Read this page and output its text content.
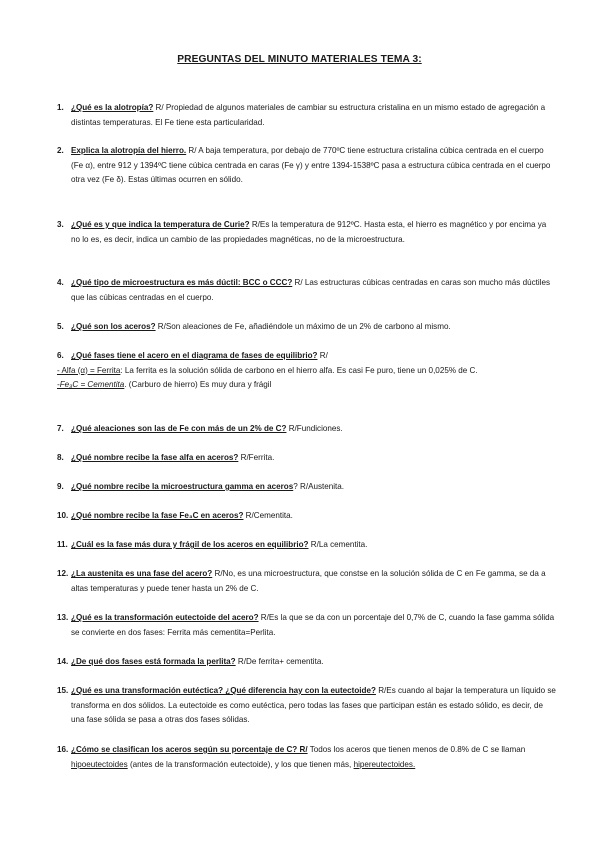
PREGUNTAS DEL MINUTO MATERIALES TEMA 3:
1. ¿Qué es la alotropía? R/ Propiedad de algunos materiales de cambiar su estructura cristalina en un mismo estado de agregación a distintas temperaturas. El Fe tiene esta particularidad.
2. Explica la alotropía del hierro. R/ A baja temperatura, por debajo de 770ºC tiene estructura cristalina cúbica centrada en el cuerpo (Fe α), entre 912 y 1394ºC tiene cúbica centrada en caras (Fe γ) y entre 1394-1538ºC pasa a estructura cúbica centrada en el cuerpo otra vez (Fe δ). Estas últimas ocurren en sólido.
3. ¿Qué es y que indica la temperatura de Curie? R/Es la temperatura de 912ºC. Hasta esta, el hierro es magnético y por encima ya no lo es, es decir, indica un cambio de las propiedades magnéticas, no de la microestructura.
4. ¿Qué tipo de microestructura es más dúctil: BCC o CCC? R/ Las estructuras cúbicas centradas en caras son mucho más dúctiles que las cúbicas centradas en el cuerpo.
5. ¿Qué son los aceros? R/Son aleaciones de Fe, añadiéndole un máximo de un 2% de carbono al mismo.
6. ¿Qué fases tiene el acero en el diagrama de fases de equilibrio? R/
- Alfa (α) = Ferrita: La ferrita es la solución sólida de carbono en el hierro alfa. Es casi Fe puro, tiene un 0,025% de C.
-Fe₃C = Cementita. (Carburo de hierro) Es muy dura y frágil
7. ¿Qué aleaciones son las de Fe con más de un 2% de C? R/Fundiciones.
8. ¿Qué nombre recibe la fase alfa en aceros? R/Ferrita.
9. ¿Qué nombre recibe la microestructura gamma en aceros? R/Austenita.
10. ¿Qué nombre recibe la fase Fe₃C en aceros? R/Cementita.
11. ¿Cuál es la fase más dura y frágil de los aceros en equilibrio? R/La cementita.
12. ¿La austenita es una fase del acero? R/No, es una microestructura, que constse en la solución sólida de C en Fe gamma, se da a altas temperaturas y puede tener hasta un 2% de C.
13. ¿Qué es la transformación eutectoide del acero? R/Es la que se da con un porcentaje del 0,7% de C, cuando la fase gamma sólida se convierte en dos fases: Ferrita más cementita=Perlita.
14. ¿De qué dos fases está formada la perlita? R/De ferrita+ cementita.
15. ¿Qué es una transformación eutéctica? ¿Qué diferencia hay con la eutectoide? R/Es cuando al bajar la temperatura un líquido se transforma en dos sólidos. La eutectoide es como eutéctica, pero todas las fases que participan están es estado sólido, es decir, de una fase sólida se pasa a otras dos fases sólidas.
16. ¿Cómo se clasifican los aceros según su porcentaje de C? R/ Todos los aceros que tienen menos de 0.8% de C se llaman hipoeutectoides (antes de la transformación eutectoide), y los que tienen más, hipereutectoides.
